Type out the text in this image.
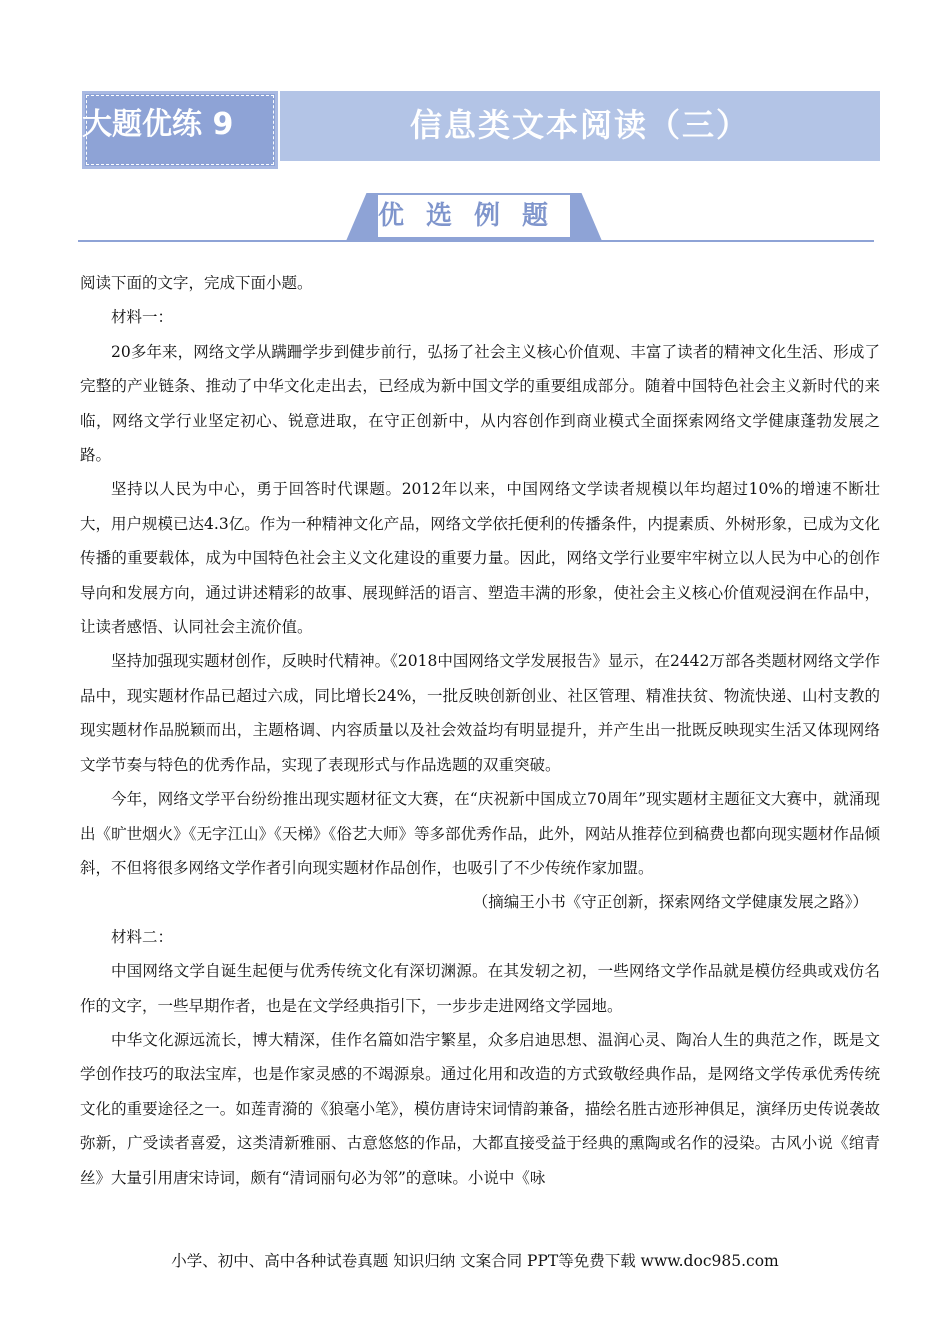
大题优练 9	信息类文本阅读（三）
优选例题

阅读下面的文字，完成下面小题。

材料一：

20多年来，网络文学从蹒跚学步到健步前行，弘扬了社会主义核心价值观、丰富了读者的精神文化生活、形成了完整的产业链条、推动了中华文化走出去，已经成为新中国文学的重要组成部分。随着中国特色社会主义新时代的来临，网络文学行业坚定初心、锐意进取，在守正创新中，从内容创作到商业模式全面探索网络文学健康蓬勃发展之路。

坚持以人民为中心，勇于回答时代课题。2012年以来，中国网络文学读者规模以年均超过10%的增速不断壮大，用户规模已达4.3亿。作为一种精神文化产品，网络文学依托便利的传播条件，内提素质、外树形象，已成为文化传播的重要载体，成为中国特色社会主义文化建设的重要力量。因此，网络文学行业要牢牢树立以人民为中心的创作导向和发展方向，通过讲述精彩的故事、展现鲜活的语言、塑造丰满的形象，使社会主义核心价值观浸润在作品中，让读者感悟、认同社会主流价值。

坚持加强现实题材创作，反映时代精神。《2018中国网络文学发展报告》显示，在2442万部各类题材网络文学作品中，现实题材作品已超过六成，同比增长24%，一批反映创新创业、社区管理、精准扶贫、物流快递、山村支教的现实题材作品脱颖而出，主题格调、内容质量以及社会效益均有明显提升，并产生出一批既反映现实生活又体现网络文学节奏与特色的优秀作品，实现了表现形式与作品选题的双重突破。

今年，网络文学平台纷纷推出现实题材征文大赛，在“庆祝新中国成立70周年”现实题材主题征文大赛中，就涌现出《旷世烟火》《无字江山》《天梯》《俗艺大师》等多部优秀作品，此外，网站从推荐位到稿费也都向现实题材作品倾斜，不但将很多网络文学作者引向现实题材作品创作，也吸引了不少传统作家加盟。

（摘编王小书《守正创新，探索网络文学健康发展之路》）

材料二：

中国网络文学自诞生起便与优秀传统文化有深切渊源。在其发轫之初，一些网络文学作品就是模仿经典或戏仿名作的文字，一些早期作者，也是在文学经典指引下，一步步走进网络文学园地。

中华文化源远流长，博大精深，佳作名篇如浩宇繁星，众多启迪思想、温润心灵、陶冶人生的典范之作，既是文学创作技巧的取法宝库，也是作家灵感的不竭源泉。通过化用和改造的方式致敬经典作品，是网络文学传承优秀传统文化的重要途径之一。如莲青漪的《狼毫小笔》，模仿唐诗宋词情韵兼备，描绘名胜古迹形神俱足，演绎历史传说袭故弥新，广受读者喜爱，这类清新雅丽、古意悠悠的作品，大都直接受益于经典的熏陶或名作的浸染。古风小说《绾青丝》大量引用唐宋诗词，颇有“清词丽句必为邻”的意味。小说中《咏

小学、初中、高中各种试卷真题 知识归纳 文案合同 PPT等免费下载 www.doc985.com
